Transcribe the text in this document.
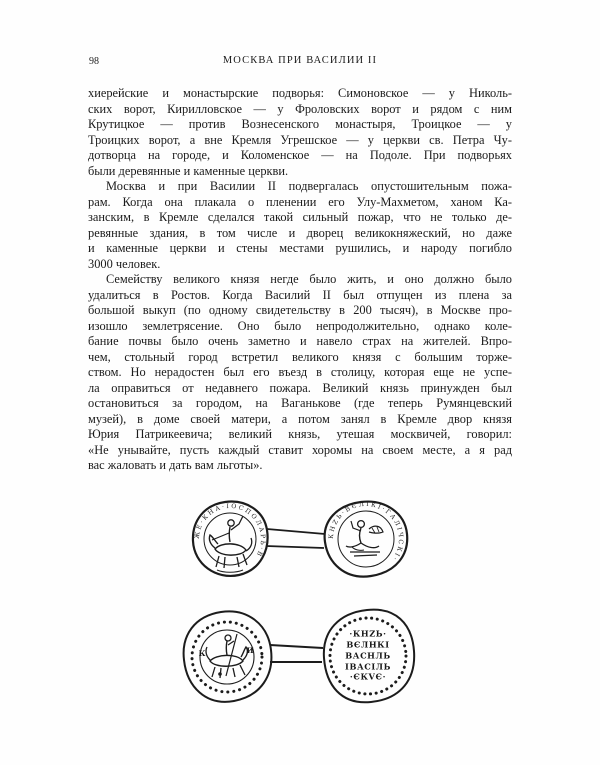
98	МОСКВА ПРИ ВАСИЛИИ II
хиерейские и монастырские подворья: Симоновское — у Николь-
ских ворот, Кирилловское — у Фроловских ворот и рядом с ним
Крутицкое — против Вознесенского монастыря, Троицкое — у
Троицких ворот, а вне Кремля Угрешское — у церкви св. Петра Чу-
дотворца на городе, и Коломенское — на Подоле. При подворьях
были деревянные и каменные церкви.
Москва и при Василии II подвергалась опустошительным пожа-
рам. Когда она плакала о пленении его Улу-Махметом, ханом Ка-
занским, в Кремле сделался такой сильный пожар, что не только де-
ревянные здания, в том числе и дворец великокняжеский, но даже
и каменные церкви и стены местами рушились, и народу погибло
3000 человек.
Семейству великого князя негде было жить, и оно должно было
удалиться в Ростов. Когда Василий II был отпущен из плена за
большой выкуп (по одному свидетельству в 200 тысяч), в Москве про-
изошло землетрясение. Оно было непродолжительно, однако коле-
бание почвы было очень заметно и навело страх на жителей. Впро-
чем, стольный город встретил великого князя с большим торже-
ством. Но нерадостен был его въезд в столицу, которая еще не успе-
ла оправиться от недавнего пожара. Великий князь принужден был
остановиться за городом, на Ваганькове (где теперь Румянцевский
музей), в доме своей матери, а потом занял в Кремле двор князя
Юрия Патрикеевича; великий князь, утешая москвичей, говорил:
«Не унывайте, пусть каждый ставит хоромы на своем месте, а я рад
вас жаловать и дать вам льготы».
ЖЕ·КНА·ІОСПОЛАРЬ·В
КНZЬ·ВЄЛІКІ·ГАЛІЧСКІ·
К	И
·КНZЬ·
ВЄЛНКІ
ВАСНЛЬ
ІВАСІЛЬ
·ЄКVЄ·
